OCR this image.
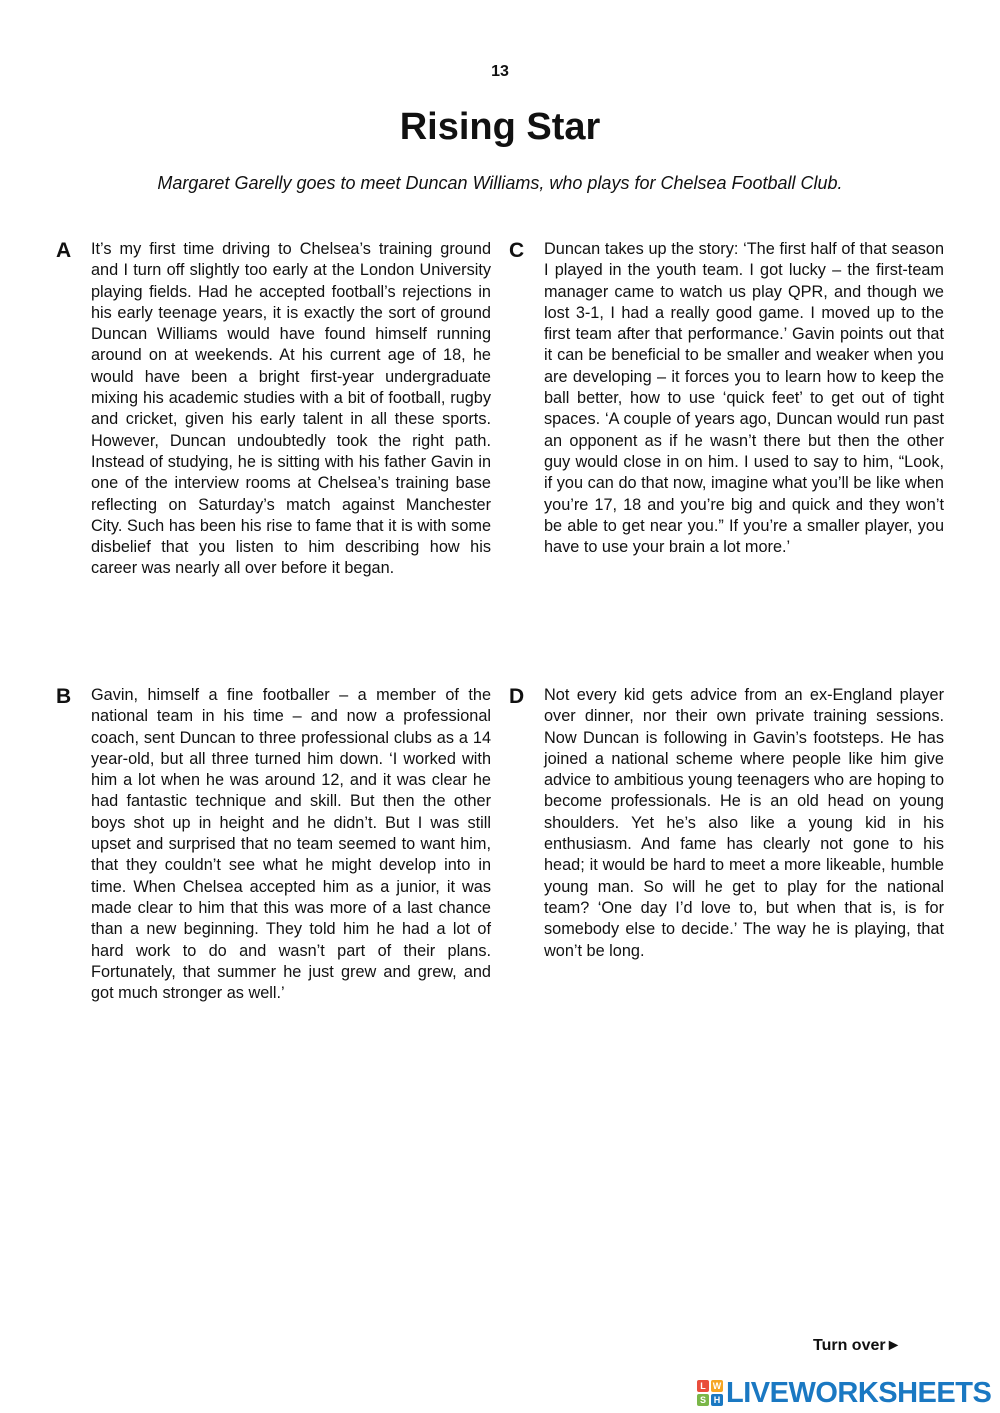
13
Rising Star
Margaret Garelly goes to meet Duncan Williams, who plays for Chelsea Football Club.
A It’s my first time driving to Chelsea’s training ground and I turn off slightly too early at the London University playing fields. Had he accepted football’s rejections in his early teenage years, it is exactly the sort of ground Duncan Williams would have found himself running around on at weekends. At his current age of 18, he would have been a bright first-year undergraduate mixing his academic studies with a bit of football, rugby and cricket, given his early talent in all these sports. However, Duncan undoubtedly took the right path. Instead of studying, he is sitting with his father Gavin in one of the interview rooms at Chelsea’s training base reflecting on Saturday’s match against Manchester City. Such has been his rise to fame that it is with some disbelief that you listen to him describing how his career was nearly all over before it began.

B Gavin, himself a fine footballer – a member of the national team in his time – and now a professional coach, sent Duncan to three professional clubs as a 14 year-old, but all three turned him down. ‘I worked with him a lot when he was around 12, and it was clear he had fantastic technique and skill. But then the other boys shot up in height and he didn’t. But I was still upset and surprised that no team seemed to want him, that they couldn’t see what he might develop into in time. When Chelsea accepted him as a junior, it was made clear to him that this was more of a last chance than a new beginning. They told him he had a lot of hard work to do and wasn’t part of their plans. Fortunately, that summer he just grew and grew, and got much stronger as well.’

C Duncan takes up the story: ‘The first half of that season I played in the youth team. I got lucky – the first-team manager came to watch us play QPR, and though we lost 3-1, I had a really good game. I moved up to the first team after that performance.’ Gavin points out that it can be beneficial to be smaller and weaker when you are developing – it forces you to learn how to keep the ball better, how to use ‘quick feet’ to get out of tight spaces. ‘A couple of years ago, Duncan would run past an opponent as if he wasn’t there but then the other guy would close in on him. I used to say to him, “Look, if you can do that now, imagine what you’ll be like when you’re 17, 18 and you’re big and quick and they won’t be able to get near you.” If you’re a smaller player, you have to use your brain a lot more.’

D Not every kid gets advice from an ex-England player over dinner, nor their own private training sessions. Now Duncan is following in Gavin’s footsteps. He has joined a national scheme where people like him give advice to ambitious young teenagers who are hoping to become professionals. He is an old head on young shoulders. Yet he’s also like a young kid in his enthusiasm. And fame has clearly not gone to his head; it would be hard to meet a more likeable, humble young man. So will he get to play for the national team? ‘One day I’d love to, but when that is, is for somebody else to decide.’ The way he is playing, that won’t be long.

Turn over►
L W
S H LIVEWORKSHEETS
